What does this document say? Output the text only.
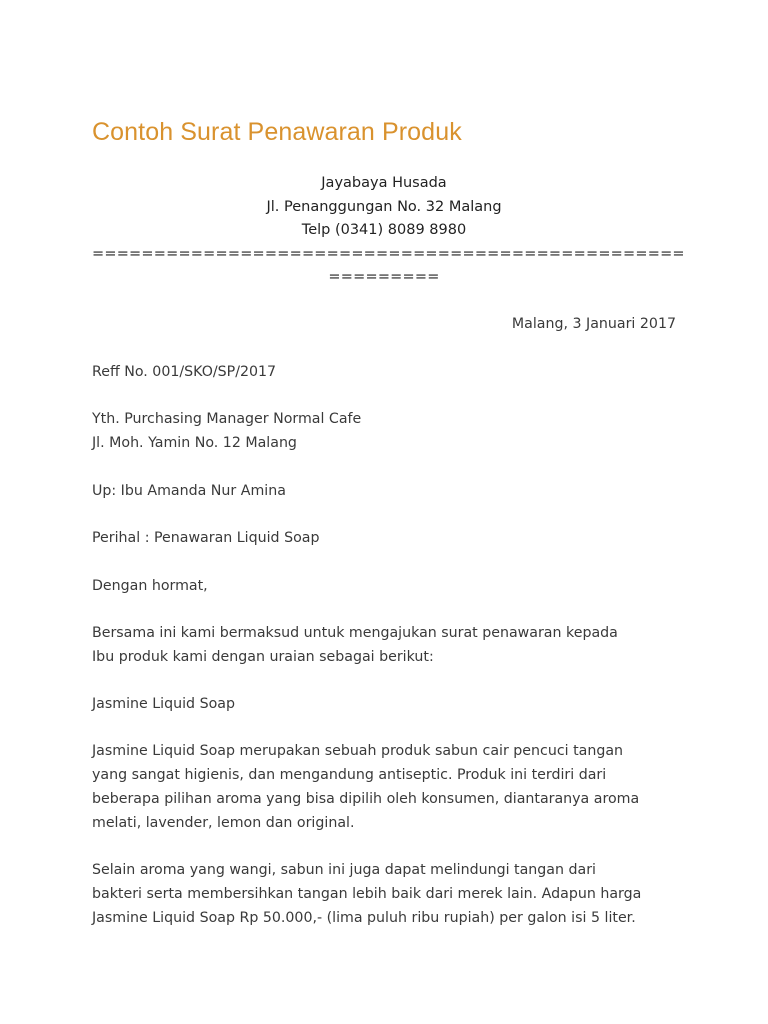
Contoh Surat Penawaran Produk
Jayabaya Husada
Jl. Penanggungan No. 32 Malang
Telp (0341) 8089 8980
================================================
=========
Malang, 3 Januari 2017
Reff No. 001/SKO/SP/2017
Yth. Purchasing Manager Normal Cafe
Jl. Moh. Yamin No. 12 Malang
Up: Ibu Amanda Nur Amina
Perihal : Penawaran Liquid Soap
Dengan hormat,
Bersama ini kami bermaksud untuk mengajukan surat penawaran kepada
Ibu produk kami dengan uraian sebagai berikut:
Jasmine Liquid Soap
Jasmine Liquid Soap merupakan sebuah produk sabun cair pencuci tangan
yang sangat higienis, dan mengandung antiseptic. Produk ini terdiri dari
beberapa pilihan aroma yang bisa dipilih oleh konsumen, diantaranya aroma
melati, lavender, lemon dan original.
Selain aroma yang wangi, sabun ini juga dapat melindungi tangan dari
bakteri serta membersihkan tangan lebih baik dari merek lain. Adapun harga
Jasmine Liquid Soap Rp 50.000,- (lima puluh ribu rupiah) per galon isi 5 liter.
